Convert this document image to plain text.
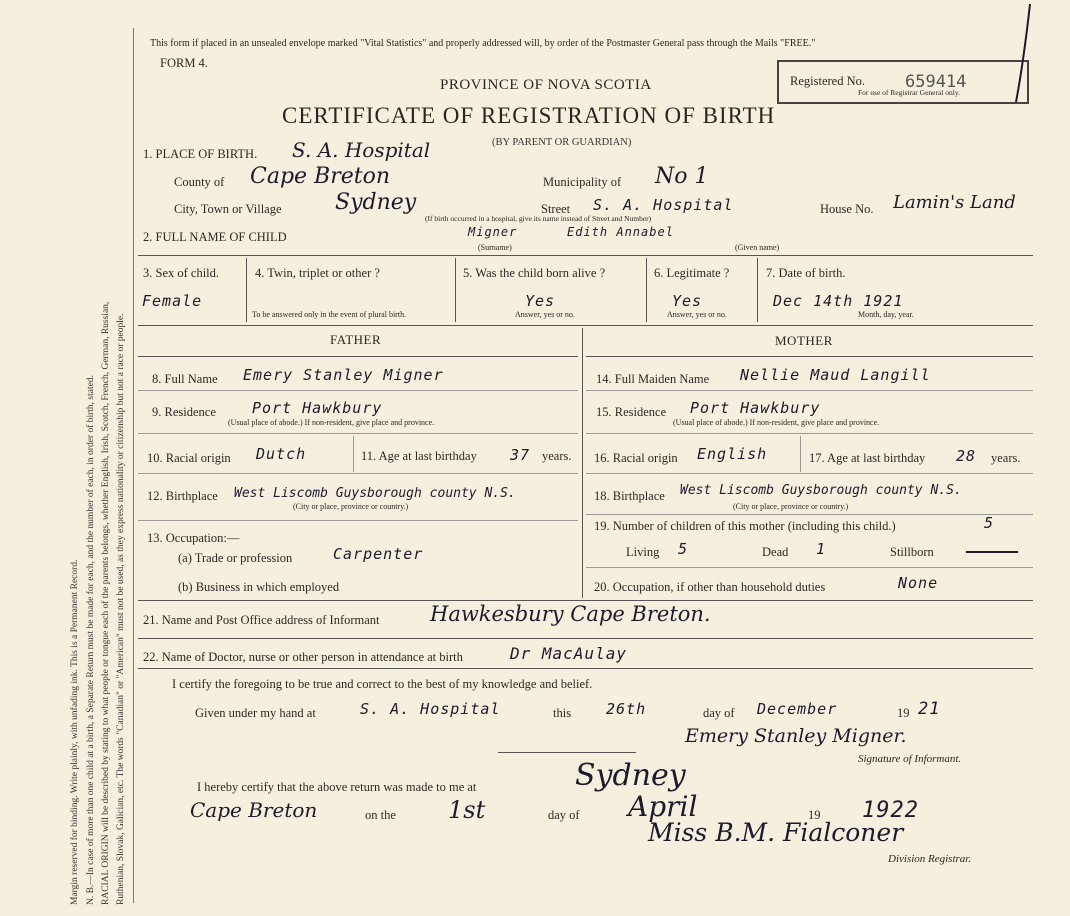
Margin reserved for binding. Write plainly, with unfading ink. This is a Permanent Record. N. B.—In case of more than one child at a birth, a Separate Return must be made for each, and the number of each, in order of birth, stated. RACIAL ORIGIN will be described by stating to what people or tongue each of the parents belongs, whether English, Irish, Scotch, French, German, Russian, Ruthenian, Slovak, Galician, etc. The words "Canadian" or "American" must not be used, as they express nationality or citizenship but not a race or people.
This form if placed in an unsealed envelope marked "Vital Statistics" and properly addressed will, by order of the Postmaster General pass through the Mails "FREE."
FORM 4.
PROVINCE OF NOVA SCOTIA
CERTIFICATE OF REGISTRATION OF BIRTH
(BY PARENT OR GUARDIAN)
Registered No. 659414
For use of Registrar General only.
1. PLACE OF BIRTH. S. A. Hospital
County of Cape Breton	Municipality of No 1
City, Town or Village Sydney	Street S. A. Hospital
(If birth occurred in a hospital, give its name instead of Street and Number)
House No. Lamin's Land
2. FULL NAME OF CHILD	Migner	Edith Annabel
(Surname)	(Given name)
3. Sex of child.
Female
4. Twin, triplet or other ?
To be answered only in the event of plural birth.
5. Was the child born alive ?
Yes
Answer, yes or no.
6. Legitimate ?
Yes
Answer, yes or no.
7. Date of birth.
Dec 14th 1921
Month, day, year.
FATHER	MOTHER
8. Full Name Emery Stanley Migner
9. Residence Port Hawkbury
(Usual place of abode.) If non-resident, give place and province.
10. Racial origin Dutch	11. Age at last birthday 37 years.
12. Birthplace West Liscomb Guysborough county N.S.
(City or place, province or country.)
13. Occupation:—
(a) Trade or profession	Carpenter
(b) Business in which employed
14. Full Maiden Name Nellie Maud Langill
15. Residence Port Hawkbury
(Usual place of abode.) If non-resident, give place and province.
16. Racial origin English	17. Age at last birthday 28 years.
18. Birthplace West Liscomb Guysborough county N.S.
(City or place, province or country.)
19. Number of children of this mother (including this child.)	5
Living 5	Dead 1	Stillborn
20. Occupation, if other than household duties	None
21. Name and Post Office address of Informant Hawkesbury Cape Breton.
22. Name of Doctor, nurse or other person in attendance at birth	Dr MacAulay
I certify the foregoing to be true and correct to the best of my knowledge and belief.
Given under my hand at	S. A. Hospital	this 26th	day of December	19 21
Emery Stanley Migner.
Signature of Informant.
I hereby certify that the above return was made to me at	Sydney
Cape Breton	on the 1st	day of April	19 1922
Miss B.M. Fialconer
Division Registrar.
